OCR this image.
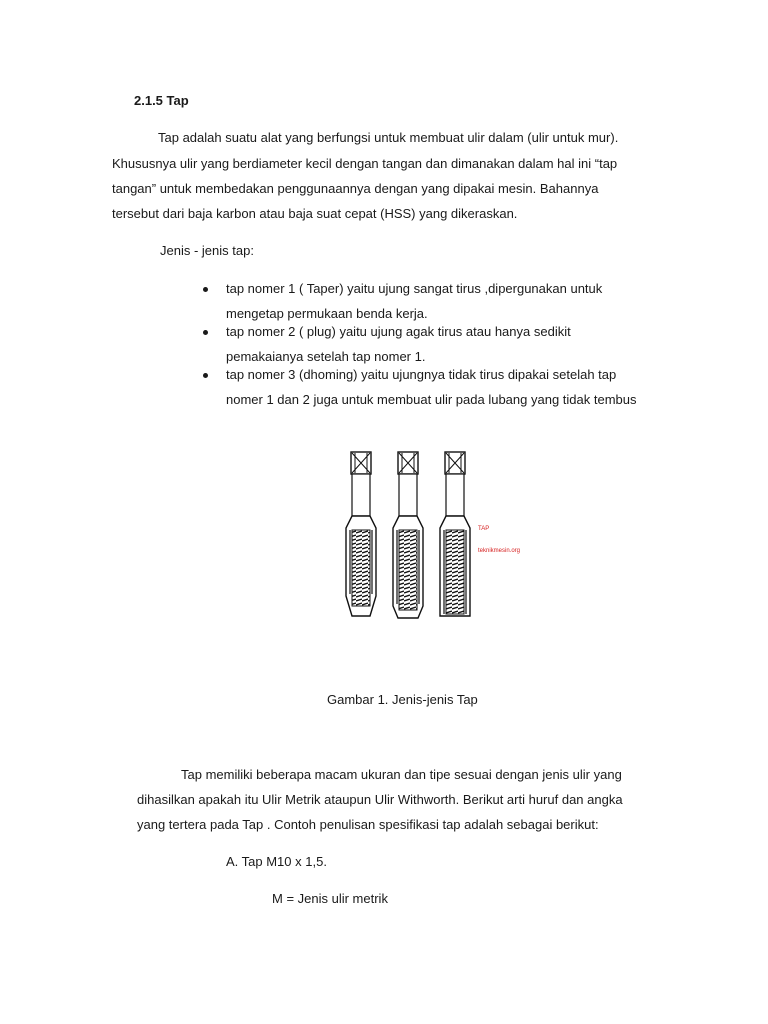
2.1.5 Tap
Tap adalah suatu alat yang berfungsi untuk membuat ulir dalam (ulir untuk mur).
Khususnya ulir yang berdiameter kecil dengan tangan dan dimanakan dalam hal ini “tap
tangan” untuk membedakan penggunaannya dengan yang dipakai mesin. Bahannya
tersebut dari baja karbon atau baja suat cepat (HSS) yang dikeraskan.
Jenis - jenis tap:
tap nomer 1 ( Taper) yaitu ujung sangat tirus ,dipergunakan untuk
mengetap permukaan benda kerja.
tap nomer 2 ( plug) yaitu ujung agak tirus atau hanya sedikit
pemakaianya setelah tap nomer 1.
tap nomer 3 (dhoming) yaitu ujungnya tidak tirus dipakai setelah tap
nomer 1 dan 2 juga untuk membuat ulir pada lubang yang tidak tembus
TAP
teknikmesin.org
Gambar 1. Jenis-jenis Tap
Tap memiliki beberapa macam ukuran dan tipe sesuai dengan jenis ulir yang
dihasilkan apakah itu Ulir Metrik ataupun Ulir Withworth. Berikut arti huruf dan angka
yang tertera pada Tap . Contoh penulisan spesifikasi tap adalah sebagai berikut:
A. Tap M10 x 1,5.
M = Jenis ulir metrik
